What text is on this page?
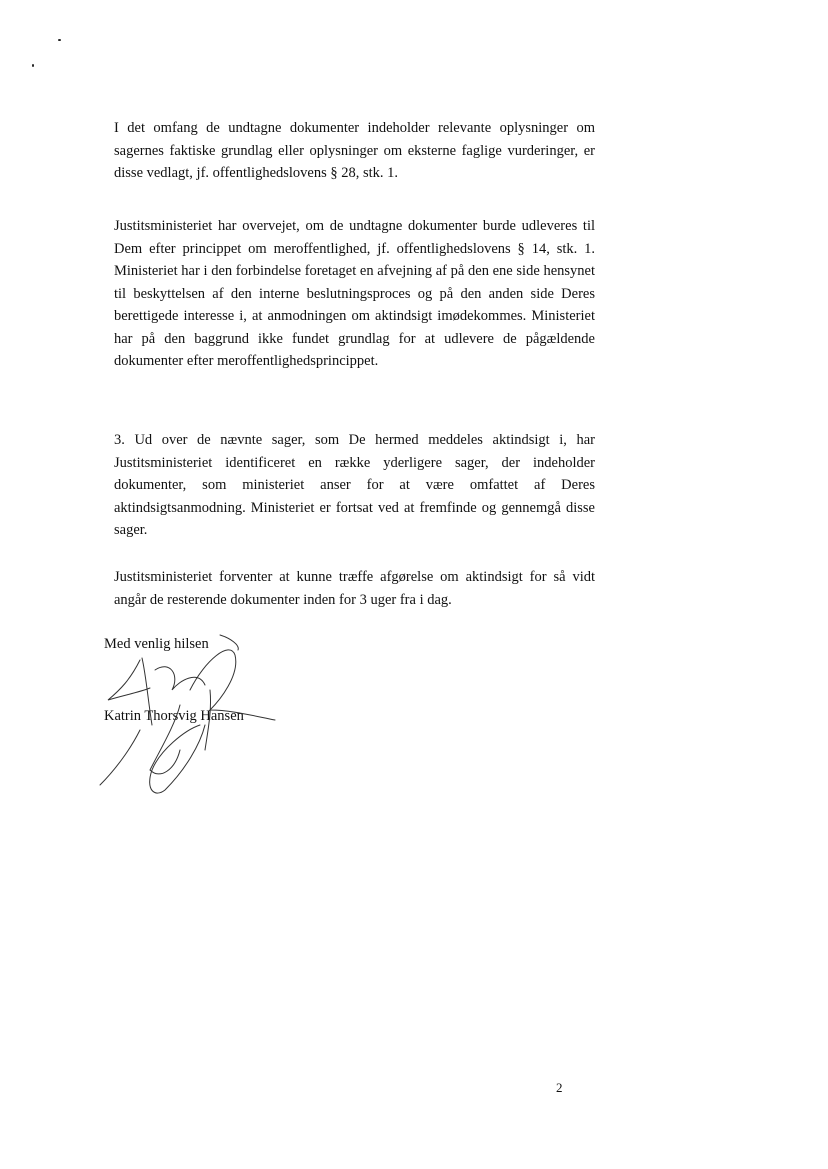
I det omfang de undtagne dokumenter indeholder relevante oplysninger om sagernes faktiske grundlag eller oplysninger om eksterne faglige vurderinger, er disse vedlagt, jf. offentlighedslovens § 28, stk. 1.

Justitsministeriet har overvejet, om de undtagne dokumenter burde udleveres til Dem efter princippet om meroffentlighed, jf. offentlighedslovens § 14, stk. 1. Ministeriet har i den forbindelse foretaget en afvejning af på den ene side hensynet til beskyttelsen af den interne beslutningsproces og på den anden side Deres berettigede interesse i, at anmodningen om aktindsigt imødekommes. Ministeriet har på den baggrund ikke fundet grundlag for at udlevere de pågældende dokumenter efter meroffentlighedsprincippet.

3. Ud over de nævnte sager, som De hermed meddeles aktindsigt i, har Justitsministeriet identificeret en række yderligere sager, der indeholder dokumenter, som ministeriet anser for at være omfattet af Deres aktindsigtsanmodning. Ministeriet er fortsat ved at fremfinde og gennemgå disse sager.

Justitsministeriet forventer at kunne træffe afgørelse om aktindsigt for så vidt angår de resterende dokumenter inden for 3 uger fra i dag.

Med venlig hilsen

Katrin Thorsvig Hansen

2
